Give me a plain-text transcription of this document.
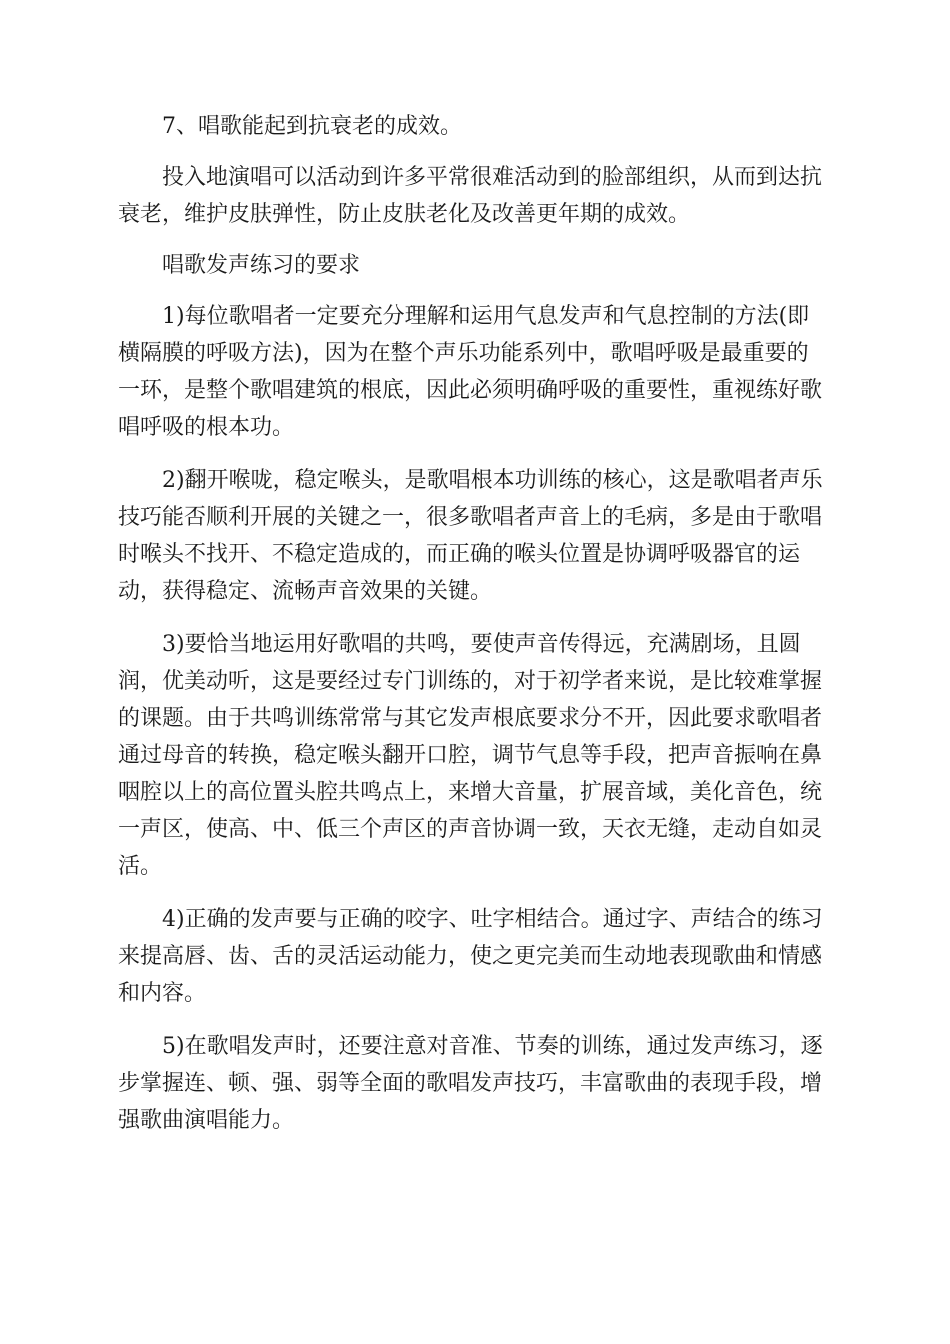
7、唱歌能起到抗衰老的成效。

投入地演唱可以活动到许多平常很难活动到的脸部组织，从而到达抗
衰老，维护皮肤弹性，防止皮肤老化及改善更年期的成效。

唱歌发声练习的要求

1)每位歌唱者一定要充分理解和运用气息发声和气息控制的方法(即
横隔膜的呼吸方法)，因为在整个声乐功能系列中，歌唱呼吸是最重要的
一环，是整个歌唱建筑的根底，因此必须明确呼吸的重要性，重视练好歌
唱呼吸的根本功。

2)翻开喉咙，稳定喉头，是歌唱根本功训练的核心，这是歌唱者声乐
技巧能否顺利开展的关键之一，很多歌唱者声音上的毛病，多是由于歌唱
时喉头不找开、不稳定造成的，而正确的喉头位置是协调呼吸器官的运
动，获得稳定、流畅声音效果的关键。

3)要恰当地运用好歌唱的共鸣，要使声音传得远，充满剧场，且圆
润，优美动听，这是要经过专门训练的，对于初学者来说，是比较难掌握
的课题。由于共鸣训练常常与其它发声根底要求分不开，因此要求歌唱者
通过母音的转换，稳定喉头翻开口腔，调节气息等手段，把声音振响在鼻
咽腔以上的高位置头腔共鸣点上，来增大音量，扩展音域，美化音色，统
一声区，使高、中、低三个声区的声音协调一致，天衣无缝，走动自如灵
活。

4)正确的发声要与正确的咬字、吐字相结合。通过字、声结合的练习
来提高唇、齿、舌的灵活运动能力，使之更完美而生动地表现歌曲和情感
和内容。

5)在歌唱发声时，还要注意对音准、节奏的训练，通过发声练习，逐
步掌握连、顿、强、弱等全面的歌唱发声技巧，丰富歌曲的表现手段，增
强歌曲演唱能力。
